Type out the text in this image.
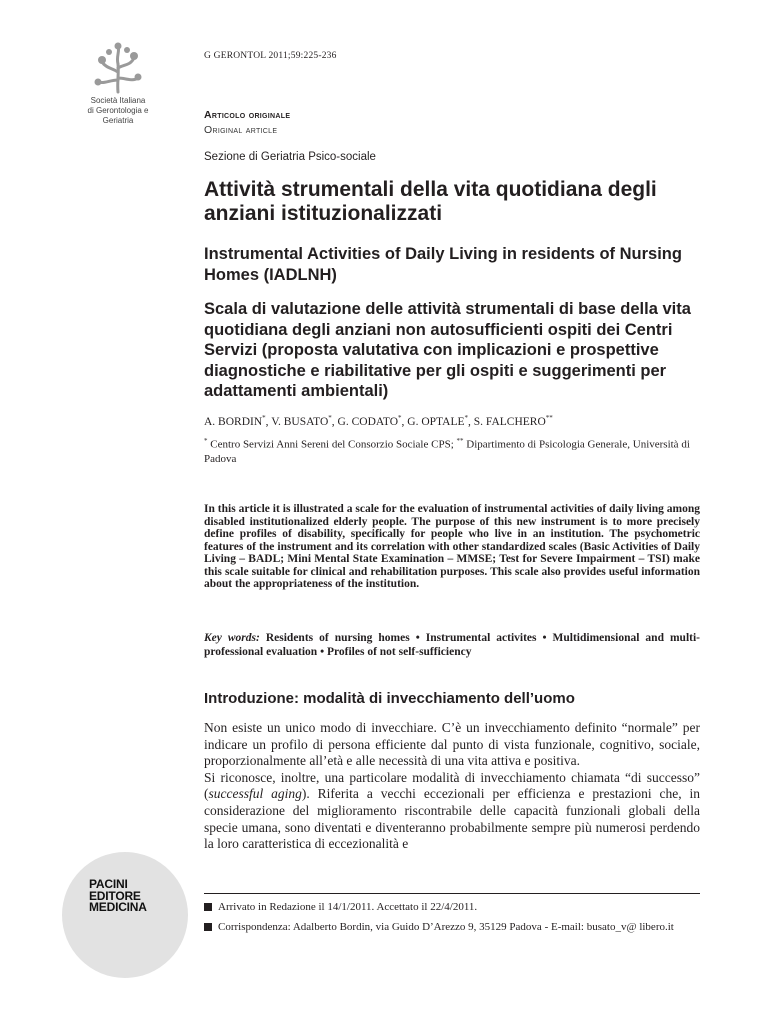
Società Italiana
di Gerontologia e
Geriatria
G GERONTOL 2011;59:225-236
Articolo originale
Original article
Sezione di Geriatria Psico-sociale
Attività strumentali della vita quotidiana degli anziani istituzionalizzati
Instrumental Activities of Daily Living in residents of Nursing Homes (IADLNH)
Scala di valutazione delle attività strumentali di base della vita quotidiana degli anziani non autosufficienti ospiti dei Centri Servizi (proposta valutativa con implicazioni e prospettive diagnostiche e riabilitative per gli ospiti e suggerimenti per adattamenti ambientali)
A. BORDIN*, V. BUSATO*, G. CODATO*, G. OPTALE*, S. FALCHERO**
* Centro Servizi Anni Sereni del Consorzio Sociale CPS; ** Dipartimento di Psicologia Generale, Università di Padova
In this article it is illustrated a scale for the evaluation of instrumental activities of daily living among disabled institutionalized elderly people. The purpose of this new instrument is to more precisely define profiles of disability, specifically for people who live in an institution. The psychometric features of the instrument and its correlation with other standardized scales (Basic Activities of Daily Living – BADL; Mini Mental State Examination – MMSE; Test for Severe Impairment – TSI) make this scale suitable for clinical and rehabilitation purposes. This scale also provides useful information about the appropriateness of the institution.
Key words: Residents of nursing homes • Instrumental activites • Multidimensional and multi-professional evaluation • Profiles of not self-sufficiency
Introduzione: modalità di invecchiamento dell’uomo

Non esiste un unico modo di invecchiare. C’è un invecchiamento definito “normale” per indicare un profilo di persona efficiente dal punto di vista funzionale, cognitivo, sociale, proporzionalmente all’età e alle necessità di una vita attiva e positiva.

Si riconosce, inoltre, una particolare modalità di invecchiamento chiamata “di successo” (successful aging). Riferita a vecchi eccezionali per efficienza e prestazioni che, in considerazione del miglioramento riscontrabile delle capacità funzionali globali della specie umana, sono diventati e diventeranno probabilmente sempre più numerosi perdendo la loro caratteristica di eccezionalità e

Arrivato in Redazione il 14/1/2011. Accettato il 22/4/2011.
Corrispondenza: Adalberto Bordin, via Guido D’Arezzo 9, 35129 Padova - E-mail: busato_v@ libero.it
PACINI
EDITORE
MEDICINA
